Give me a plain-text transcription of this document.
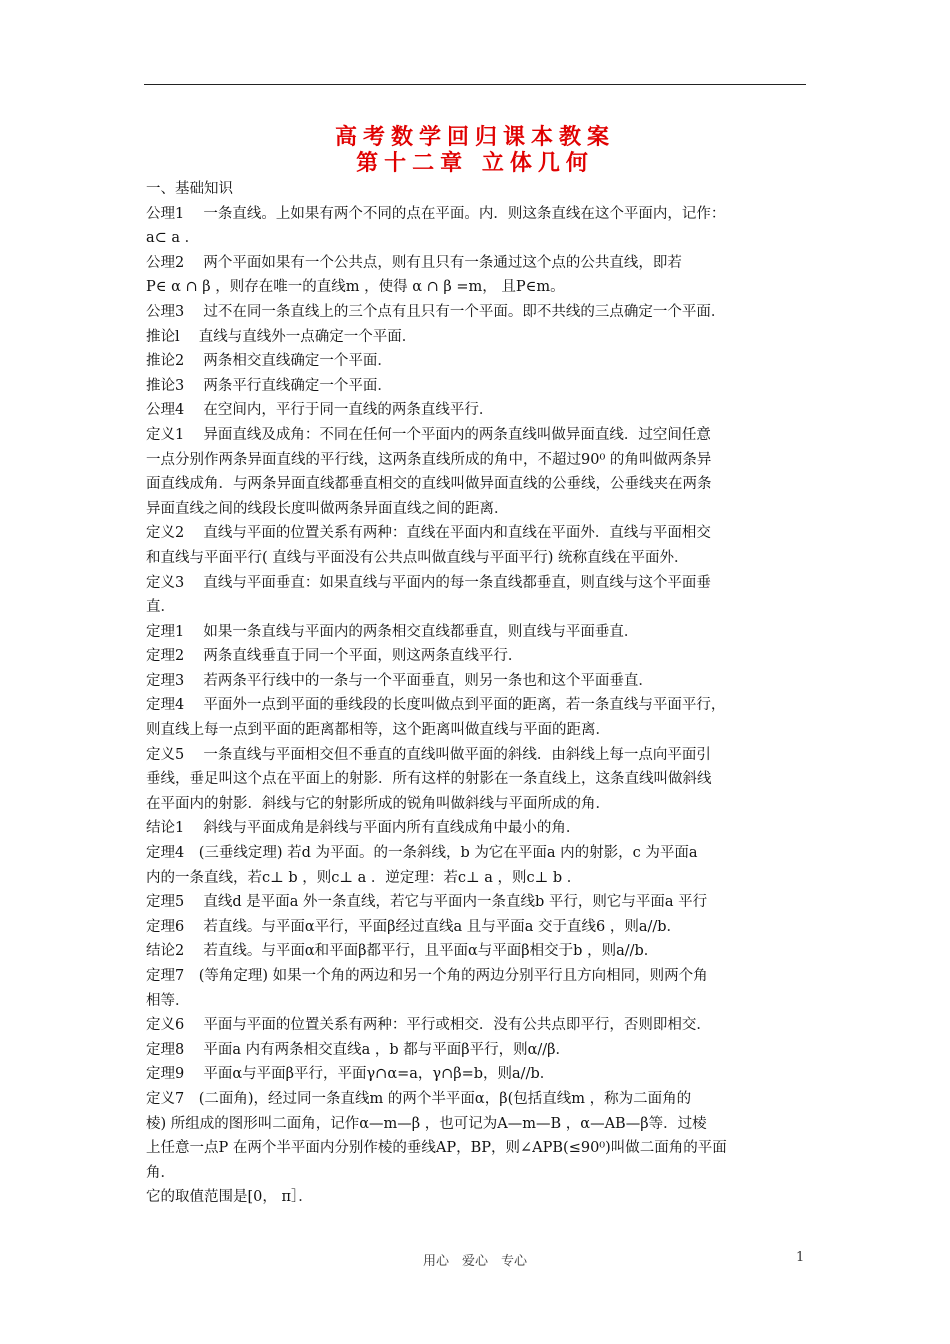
高考数学回归课本教案
第十二章 立体几何

一、基础知识

公理1　 一条直线。上如果有两个不同的点在平面。内．则这条直线在这个平面内，记作：

a⊂ a ．

公理2　 两个平面如果有一个公共点，则有且只有一条通过这个点的公共直线，即若

P∈ α ∩ β ，则存在唯一的直线m ，使得 α ∩ β =m， 且P∈m。

公理3　 过不在同一条直线上的三个点有且只有一个平面。即不共线的三点确定一个平面．

推论l　 直线与直线外一点确定一个平面．

推论2　 两条相交直线确定一个平面．

推论3　 两条平行直线确定一个平面．

公理4　 在空间内，平行于同一直线的两条直线平行．

定义1　 异面直线及成角：不同在任何一个平面内的两条直线叫做异面直线．过空间任意

一点分别作两条异面直线的平行线，这两条直线所成的角中，不超过90⁰ 的角叫做两条异

面直线成角．与两条异面直线都垂直相交的直线叫做异面直线的公垂线，公垂线夹在两条

异面直线之间的线段长度叫做两条异面直线之间的距离．

定义2　 直线与平面的位置关系有两种：直线在平面内和直线在平面外．直线与平面相交

和直线与平面平行( 直线与平面没有公共点叫做直线与平面平行) 统称直线在平面外．

定义3　 直线与平面垂直：如果直线与平面内的每一条直线都垂直，则直线与这个平面垂

直．

定理1　 如果一条直线与平面内的两条相交直线都垂直，则直线与平面垂直．

定理2　 两条直线垂直于同一个平面，则这两条直线平行．

定理3　 若两条平行线中的一条与一个平面垂直，则另一条也和这个平面垂直．

定理4　 平面外一点到平面的垂线段的长度叫做点到平面的距离，若一条直线与平面平行，

则直线上每一点到平面的距离都相等，这个距离叫做直线与平面的距离．

定义5　 一条直线与平面相交但不垂直的直线叫做平面的斜线．由斜线上每一点向平面引

垂线，垂足叫这个点在平面上的射影．所有这样的射影在一条直线上，这条直线叫做斜线

在平面内的射影．斜线与它的射影所成的锐角叫做斜线与平面所成的角．

结论1　 斜线与平面成角是斜线与平面内所有直线成角中最小的角．

定理4　(三垂线定理) 若d 为平面。的一条斜线，b 为它在平面a 内的射影，c 为平面a

内的一条直线，若c⊥ b ，则c⊥ a ．逆定理：若c⊥ a ，则c⊥ b ．

定理5　 直线d 是平面a 外一条直线，若它与平面内一条直线b 平行，则它与平面a 平行

定理6　 若直线。与平面α平行，平面β经过直线a 且与平面a 交于直线6 ，则a//b．

结论2　 若直线。与平面α和平面β都平行，且平面α与平面β相交于b ，则a//b．

定理7　(等角定理) 如果一个角的两边和另一个角的两边分别平行且方向相同，则两个角

相等．

定义6　 平面与平面的位置关系有两种：平行或相交．没有公共点即平行，否则即相交．

定理8　 平面a 内有两条相交直线a ，b 都与平面β平行，则α//β．

定理9　 平面α与平面β平行，平面γ∩α=a，γ∩β=b，则a//b．

定义7　(二面角)，经过同一条直线m 的两个半平面α，β(包括直线m ，称为二面角的

棱) 所组成的图形叫二面角，记作α—m—β ，也可记为A—m—B ，α—AB—β等．过棱

上任意一点P 在两个半平面内分别作棱的垂线AP，BP，则∠APB(≤90⁰)叫做二面角的平面

角．

它的取值范围是[0， π］．

用心　爱心　专心	1
